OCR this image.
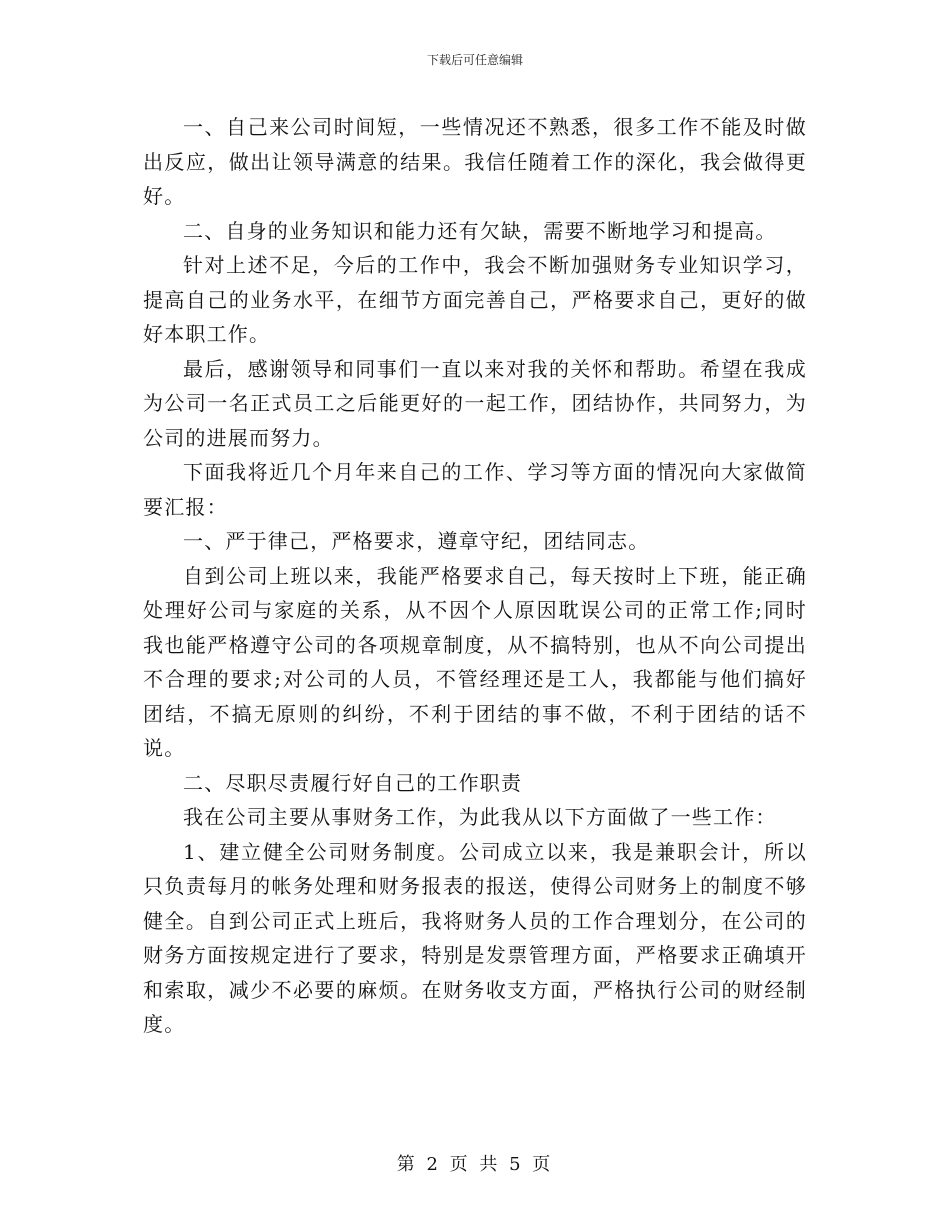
下载后可任意编辑

一、自己来公司时间短，一些情况还不熟悉，很多工作不能及时做出反应，做出让领导满意的结果。我信任随着工作的深化，我会做得更好。

二、自身的业务知识和能力还有欠缺，需要不断地学习和提高。

针对上述不足，今后的工作中，我会不断加强财务专业知识学习，提高自己的业务水平，在细节方面完善自己，严格要求自己，更好的做好本职工作。

最后，感谢领导和同事们一直以来对我的关怀和帮助。希望在我成为公司一名正式员工之后能更好的一起工作，团结协作，共同努力，为公司的进展而努力。

下面我将近几个月年来自己的工作、学习等方面的情况向大家做简要汇报：

一、严于律己，严格要求，遵章守纪，团结同志。

自到公司上班以来，我能严格要求自己，每天按时上下班，能正确处理好公司与家庭的关系，从不因个人原因耽误公司的正常工作;同时我也能严格遵守公司的各项规章制度，从不搞特别，也从不向公司提出不合理的要求;对公司的人员，不管经理还是工人，我都能与他们搞好团结，不搞无原则的纠纷，不利于团结的事不做，不利于团结的话不说。

二、尽职尽责履行好自己的工作职责

我在公司主要从事财务工作，为此我从以下方面做了一些工作：

1、建立健全公司财务制度。公司成立以来，我是兼职会计，所以只负责每月的帐务处理和财务报表的报送，使得公司财务上的制度不够健全。自到公司正式上班后，我将财务人员的工作合理划分，在公司的财务方面按规定进行了要求，特别是发票管理方面，严格要求正确填开和索取，减少不必要的麻烦。在财务收支方面，严格执行公司的财经制度。

第 2 页 共 5 页
